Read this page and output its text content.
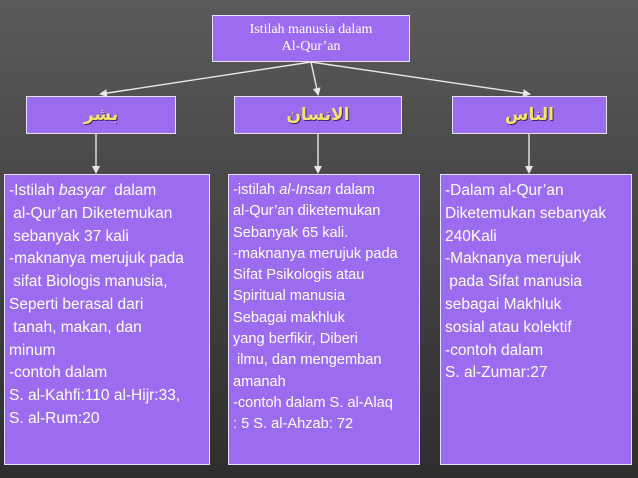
Istilah manusia dalam
Al-Qur’an
بشر	الانسان	الناس
-Istilah basyar  dalam
al-Qur’an Diketemukan
sebanyak 37 kali
-maknanya merujuk pada
sifat Biologis manusia,
Seperti berasal dari
tanah, makan, dan
minum
-contoh dalam
S. al-Kahfi:110 al-Hijr:33,
S. al-Rum:20
-istilah al-Insan dalam
al-Qur’an diketemukan
Sebanyak 65 kali.
-maknanya merujuk pada
Sifat Psikologis atau
Spiritual manusia
Sebagai makhluk
yang berfikir, Diberi
ilmu, dan mengemban
amanah
-contoh dalam S. al-Alaq
: 5 S. al-Ahzab: 72
-Dalam al-Qur’an
Diketemukan sebanyak
240Kali
-Maknanya merujuk
pada Sifat manusia
sebagai Makhluk
sosial atau kolektif
-contoh dalam
S. al-Zumar:27
